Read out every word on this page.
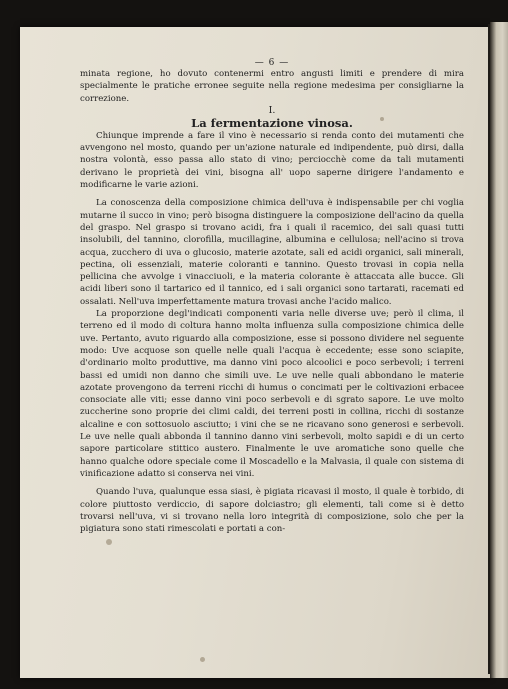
— 6 —

minata regione, ho dovuto contenermi entro angusti limiti e prendere di mira specialmente le pratiche erronee seguite nella regione medesima per consigliarne la correzione.

I.
La fermentazione vinosa.

Chiunque imprende a fare il vino è necessario si renda conto dei mutamenti che avvengono nel mosto, quando per un'azione naturale ed indipendente, può dirsi, dalla nostra volontà, esso passa allo stato di vino; perciocchè come da tali mutamenti derivano le proprietà dei vini, bisogna all' uopo saperne dirigere l'andamento e modificarne le varie azioni.

La conoscenza della composizione chimica dell'uva è indispensabile per chi voglia mutarne il succo in vino; però bisogna distinguere la composizione dell'acino da quella del graspo. Nel graspo si trovano acidi, fra i quali il racemico, dei sali quasi tutti insolubili, del tannino, clorofilla, mucillagine, albumina e cellulosa; nell'acino si trova acqua, zucchero di uva o glucosio, materie azotate, sali ed acidi organici, sali minerali, pectina, oli essenziali, materie coloranti e tannino. Questo trovasi in copia nella pellicina che avvolge i vinacciuoli, e la materia colorante è attaccata alle bucce. Gli acidi liberi sono il tartarico ed il tannico, ed i sali organici sono tartarati, racemati ed ossalati. Nell'uva imperfettamente matura trovasi anche l'acido malico.

La proporzione degl'indicati componenti varia nelle diverse uve; però il clima, il terreno ed il modo di coltura hanno molta influenza sulla composizione chimica delle uve. Pertanto, avuto riguardo alla composizione, esse si possono dividere nel seguente modo: Uve acquose son quelle nelle quali l'acqua è eccedente; esse sono sciapite, d'ordinario molto produttive, ma danno vini poco alcoolici e poco serbevoli; i terreni bassi ed umidi non danno che simili uve. Le uve nelle quali abbondano le materie azotate provengono da terreni ricchi di humus o concimati per le coltivazioni erbacee consociate alle viti; esse danno vini poco serbevoli e di sgrato sapore. Le uve molto zuccherine sono proprie dei climi caldi, dei terreni posti in collina, ricchi di sostanze alcaline e con sottosuolo asciutto; i vini che se ne ricavano sono generosi e serbevoli. Le uve nelle quali abbonda il tannino danno vini serbevoli, molto sapidi e di un certo sapore particolare stittico austero. Finalmente le uve aromatiche sono quelle che hanno qualche odore speciale come il Moscadello e la Malvasia, il quale con sistema di vinificazione adatto si conserva nei vini.

Quando l'uva, qualunque essa siasi, è pigiata ricavasi il mosto, il quale è torbido, di colore piuttosto verdiccio, di sapore dolciastro; gli elementi, tali come si è detto trovarsi nell'uva, vi si trovano nella loro integrità di composizione, solo che per la pigiatura sono stati rimescolati e portati a con-
